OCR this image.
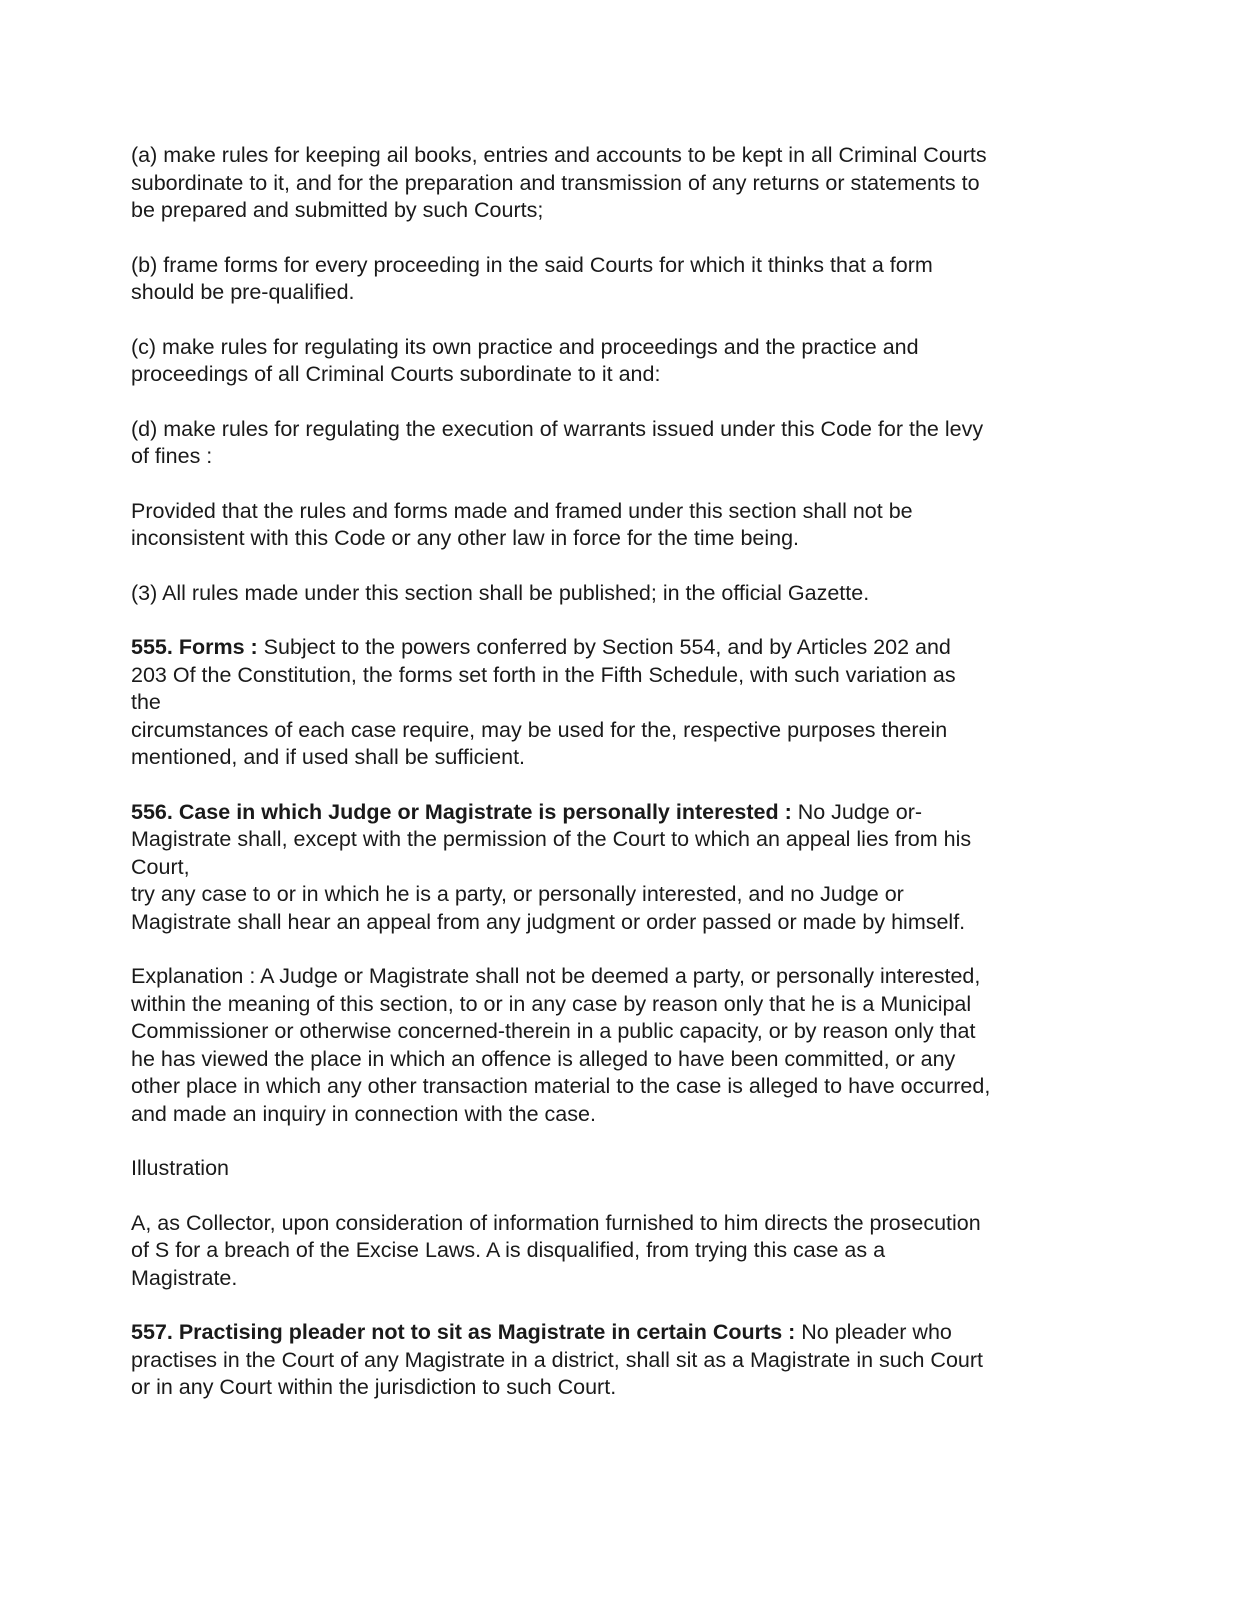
(a) make rules for keeping ail books, entries and accounts to be kept in all Criminal Courts
subordinate to it, and for the preparation and transmission of any returns or statements to
be prepared and submitted by such Courts;

(b) frame forms for every proceeding in the said Courts for which it thinks that a form
should be pre-qualified.

(c) make rules for regulating its own practice and proceedings and the practice and
proceedings of all Criminal Courts subordinate to it and:

(d) make rules for regulating the execution of warrants issued under this Code for the levy
of fines :

Provided that the rules and forms made and framed under this section shall not be
inconsistent with this Code or any other law in force for the time being.

(3) All rules made under this section shall be published; in the official Gazette.

555. Forms : Subject to the powers conferred by Section 554, and by Articles 202 and
203 Of the Constitution, the forms set forth in the Fifth Schedule, with such variation as
the
circumstances of each case require, may be used for the, respective purposes therein
mentioned, and if used shall be sufficient.

556. Case in which Judge or Magistrate is personally interested : No Judge or-
Magistrate shall, except with the permission of the Court to which an appeal lies from his
Court,
try any case to or in which he is a party, or personally interested, and no Judge or
Magistrate shall hear an appeal from any judgment or order passed or made by himself.

Explanation : A Judge or Magistrate shall not be deemed a party, or personally interested,
within the meaning of this section, to or in any case by reason only that he is a Municipal
Commissioner or otherwise concerned-therein in a public capacity, or by reason only that
he has viewed the place in which an offence is alleged to have been committed, or any
other place in which any other transaction material to the case is alleged to have occurred,
and made an inquiry in connection with the case.

Illustration

A, as Collector, upon consideration of information furnished to him directs the prosecution
of S for a breach of the Excise Laws. A is disqualified, from trying this case as a
Magistrate.

557. Practising pleader not to sit as Magistrate in certain Courts : No pleader who
practises in the Court of any Magistrate in a district, shall sit as a Magistrate in such Court
or in any Court within the jurisdiction to such Court.
